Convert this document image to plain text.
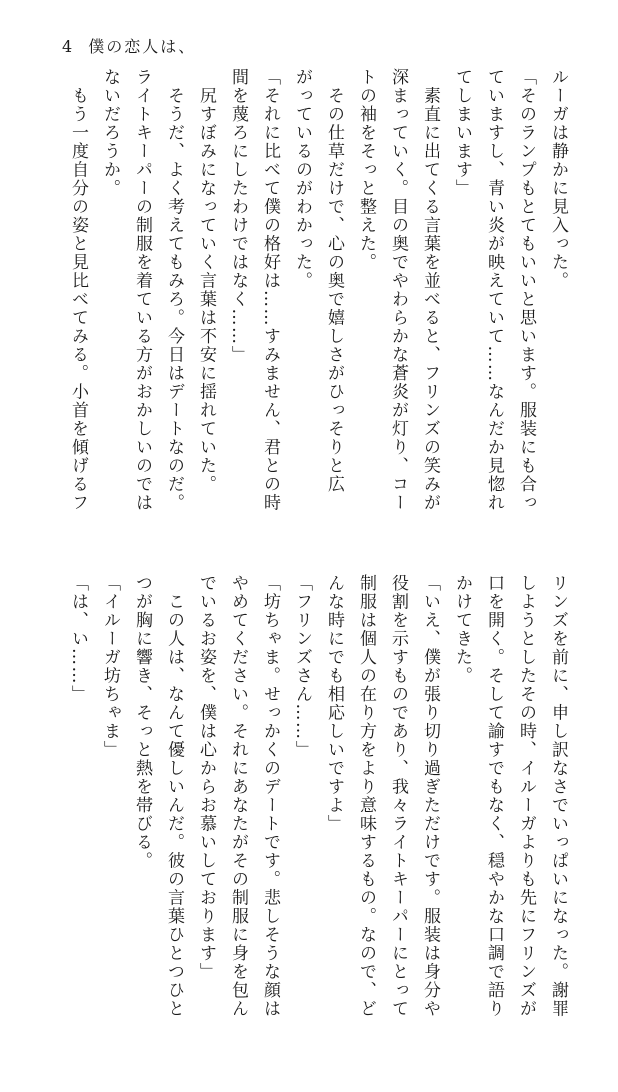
4 僕の恋人は、
ルーガは静かに見入った。
「そのランプもとてもいいと思います。服装にも合っ
ていますし、青い炎が映えていて……なんだか見惚れ
てしまいます」
　素直に出てくる言葉を並べると、フリンズの笑みが
深まっていく。目の奥でやわらかな蒼炎が灯り、コー
トの袖をそっと整えた。
　その仕草だけで、心の奥で嬉しさがひっそりと広
がっているのがわかった。
「それに比べて僕の格好は……すみません、君との時
間を蔑ろにしたわけではなく……」
　尻すぼみになっていく言葉は不安に揺れていた。
　そうだ、よく考えてもみろ。今日はデートなのだ。
ライトキーパーの制服を着ている方がおかしいのでは
ないだろうか。
　もう一度自分の姿と見比べてみる。小首を傾げるフ
リンズを前に、申し訳なさでいっぱいになった。謝罪
しようとしたその時、イルーガよりも先にフリンズが
口を開く。そして諭すでもなく、穏やかな口調で語り
かけてきた。
「いえ、僕が張り切り過ぎただけです。服装は身分や
役割を示すものであり、我々ライトキーパーにとって
制服は個人の在り方をより意味するもの。なので、ど
んな時にでも相応しいですよ」
「フリンズさん……」
「坊ちゃま。せっかくのデートです。悲しそうな顔は
やめてください。それにあなたがその制服に身を包ん
でいるお姿を、僕は心からお慕いしております」
　この人は、なんて優しいんだ。彼の言葉ひとつひと
つが胸に響き、そっと熱を帯びる。
「イルーガ坊ちゃま」
「は、い……」
